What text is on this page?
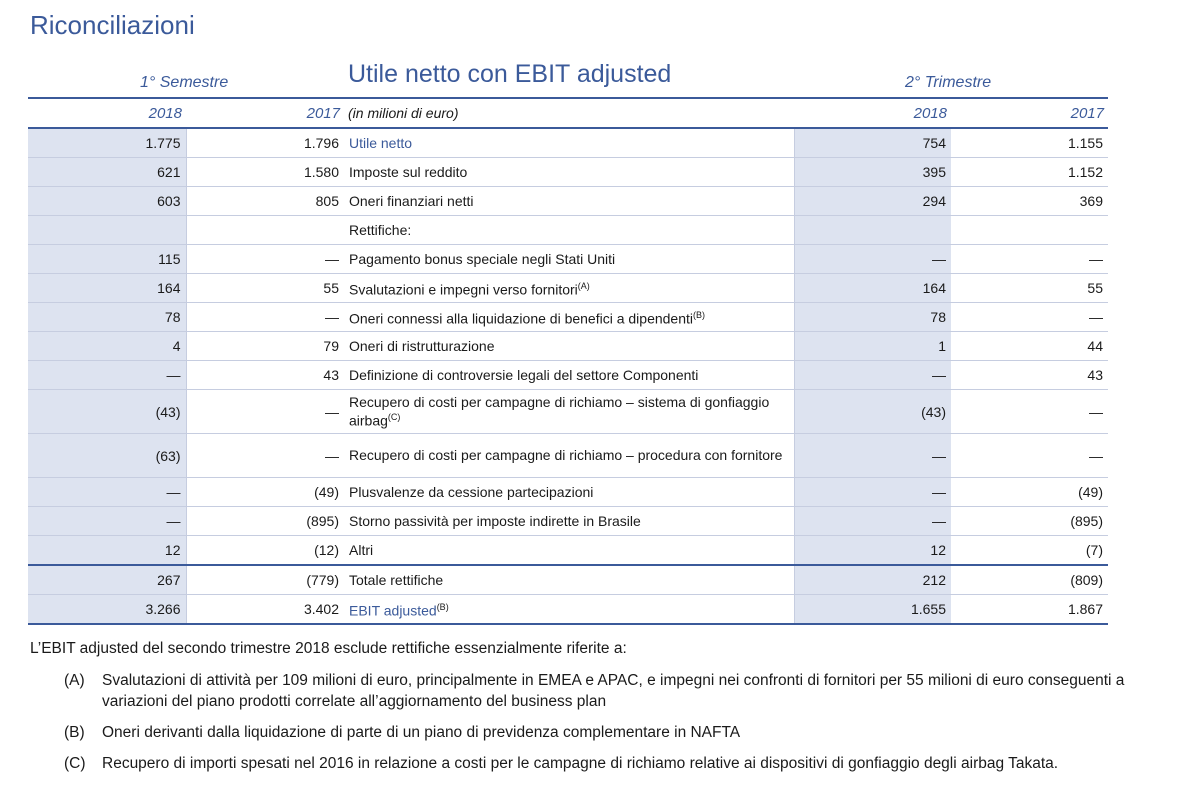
Riconciliazioni
1° Semestre	Utile netto con EBIT adjusted	2° Trimestre
2018	2017	(in milioni di euro)	2018	2017
1.775	1.796	Utile netto	754	1.155
621	1.580	Imposte sul reddito	395	1.152
603	805	Oneri finanziari netti	294	369
		Rettifiche:		
115	—	Pagamento bonus speciale negli Stati Uniti	—	—
164	55	Svalutazioni e impegni verso fornitori$^{(A)}$	164	55
78	—	Oneri connessi alla liquidazione di benefici a dipendenti$^{(B)}$	78	—
4	79	Oneri di ristrutturazione	1	44
—	43	Definizione di controversie legali del settore Componenti	—	43
(43)	—	Recupero di costi per campagne di richiamo – sistema di gonfiaggio airbag$^{(C)}$	(43)	—
(63)	—	Recupero di costi per campagne di richiamo – procedura con fornitore	—	—
—	(49)	Plusvalenze da cessione partecipazioni	—	(49)
—	(895)	Storno passività per imposte indirette in Brasile	—	(895)
12	(12)	Altri	12	(7)
267	(779)	Totale rettifiche	212	(809)
3.266	3.402	EBIT adjusted$^{(B)}$	1.655	1.867

L’EBIT adjusted del secondo trimestre 2018 esclude rettifiche essenzialmente riferite a:

(A)	Svalutazioni di attività per 109 milioni di euro, principalmente in EMEA e APAC, e impegni nei confronti di fornitori per 55 milioni di euro conseguenti a variazioni del piano prodotti correlate all’aggiornamento del business plan
(B)	Oneri derivanti dalla liquidazione di parte di un piano di previdenza complementare in NAFTA
(C)	Recupero di importi spesati nel 2016 in relazione a costi per le campagne di richiamo relative ai dispositivi di gonfiaggio degli airbag Takata.
